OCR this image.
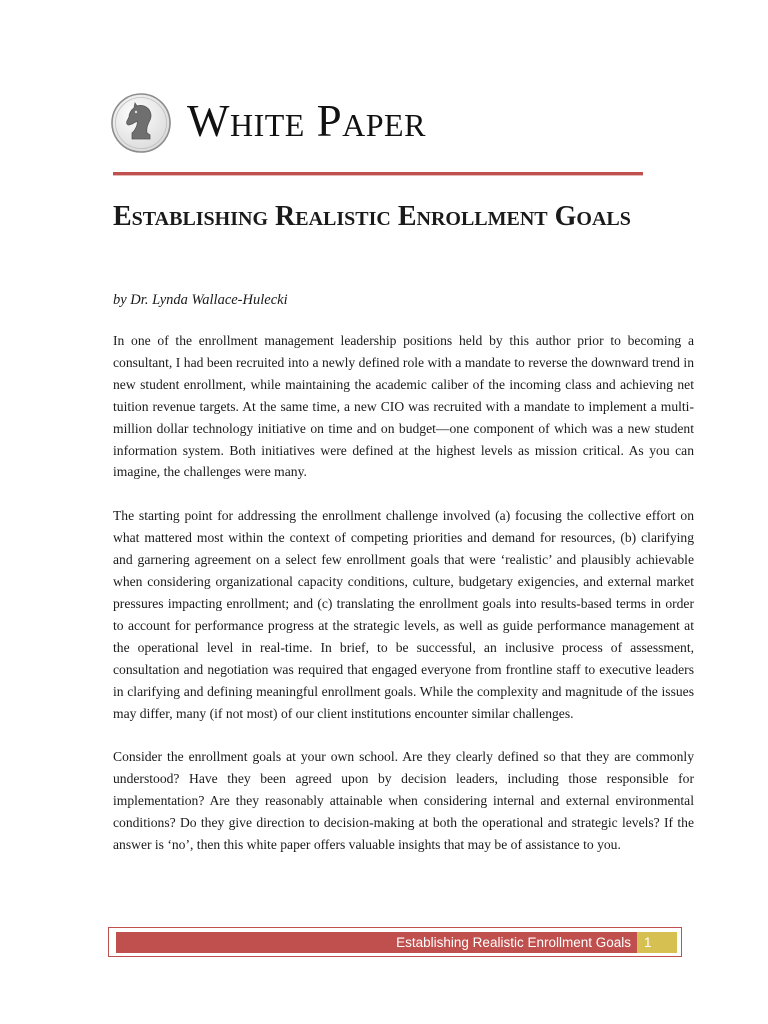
White Paper
Establishing Realistic Enrollment Goals
by Dr. Lynda Wallace-Hulecki

In one of the enrollment management leadership positions held by this author prior to becoming a consultant, I had been recruited into a newly defined role with a mandate to reverse the downward trend in new student enrollment, while maintaining the academic caliber of the incoming class and achieving net tuition revenue targets. At the same time, a new CIO was recruited with a mandate to implement a multi-million dollar technology initiative on time and on budget—one component of which was a new student information system. Both initiatives were defined at the highest levels as mission critical. As you can imagine, the challenges were many.

The starting point for addressing the enrollment challenge involved (a) focusing the collective effort on what mattered most within the context of competing priorities and demand for resources, (b) clarifying and garnering agreement on a select few enrollment goals that were ‘realistic’ and plausibly achievable when considering organizational capacity conditions, culture, budgetary exigencies, and external market pressures impacting enrollment; and (c) translating the enrollment goals into results-based terms in order to account for performance progress at the strategic levels, as well as guide performance management at the operational level in real-time. In brief, to be successful, an inclusive process of assessment, consultation and negotiation was required that engaged everyone from frontline staff to executive leaders in clarifying and defining meaningful enrollment goals. While the complexity and magnitude of the issues may differ, many (if not most) of our client institutions encounter similar challenges.

Consider the enrollment goals at your own school. Are they clearly defined so that they are commonly understood? Have they been agreed upon by decision leaders, including those responsible for implementation? Are they reasonably attainable when considering internal and external environmental conditions? Do they give direction to decision-making at both the operational and strategic levels? If the answer is ‘no’, then this white paper offers valuable insights that may be of assistance to you.

Establishing Realistic Enrollment Goals 1
